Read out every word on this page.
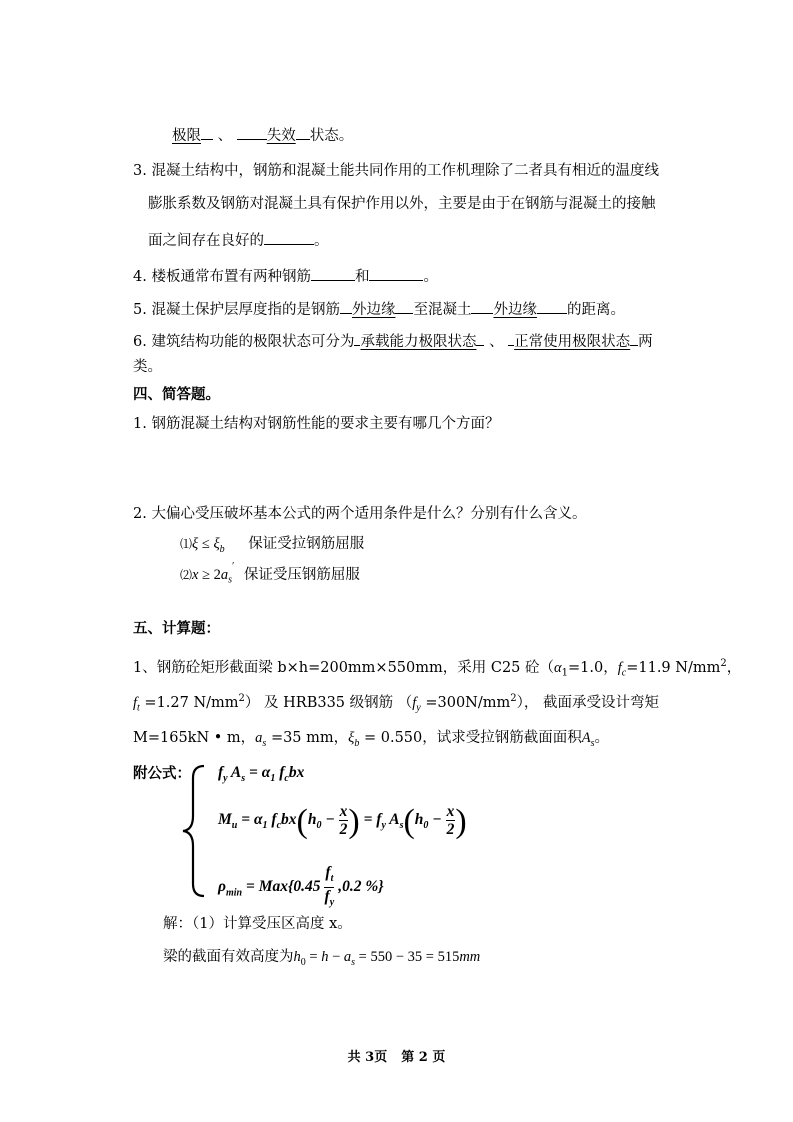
极限 、 失效 状态。
3. 混凝土结构中，钢筋和混凝土能共同作用的工作机理除了二者具有相近的温度线
膨胀系数及钢筋对混凝土具有保护作用以外，主要是由于在钢筋与混凝土的接触
面之间存在良好的	。
4. 楼板通常布置有两种钢筋	和	。
5. 混凝土保护层厚度指的是钢筋 外边缘 至混凝土 外边缘 的距离。
6. 建筑结构功能的极限状态可分为 承载能力极限状态 、 正常使用极限状态 两
类。
四、简答题。
1. 钢筋混凝土结构对钢筋性能的要求主要有哪几个方面？
2. 大偏心受压破坏基本公式的两个适用条件是什么？分别有什么含义。
⑴ξ ≤ $\xi_b$ 保证受拉钢筋屈服
⑵x ≥ $2a_s'$ 保证受压钢筋屈服
五、计算题：
1、钢筋砼矩形截面梁 b×h=200mm×550mm，采用 C25 砼（$\alpha_1=1.0$，$f_c=11.9$ $N/mm^2$，
$f_t =1.27$ $N/mm^2$） 及 HRB335 级钢筋 $(f_y =300N/mm^2)$， 截面承受设计弯矩
M=165kN • m，$a_s =35$ mm，$\xi_b = 0.550$，试求受拉钢筋截面面积$A_s$。
附公式： $f_y$ $A_s = \alpha_1$ $f_cbx$
$M_u = \alpha_1$ $f_cbx(h_0 - \frac{x}{2}$ ) = $f_y$ $A_s(h_0 - \frac{x}{2}$ )
$\rho_{min} = Max\{0.45 \frac{f_t}{f_y} ,0.2$ %}
解：（1）计算受压区高度 x。
梁的截面有效高度为$h_0 = h - a_s = 550 - 35 = 515mm$
共 3页 第 2 页
